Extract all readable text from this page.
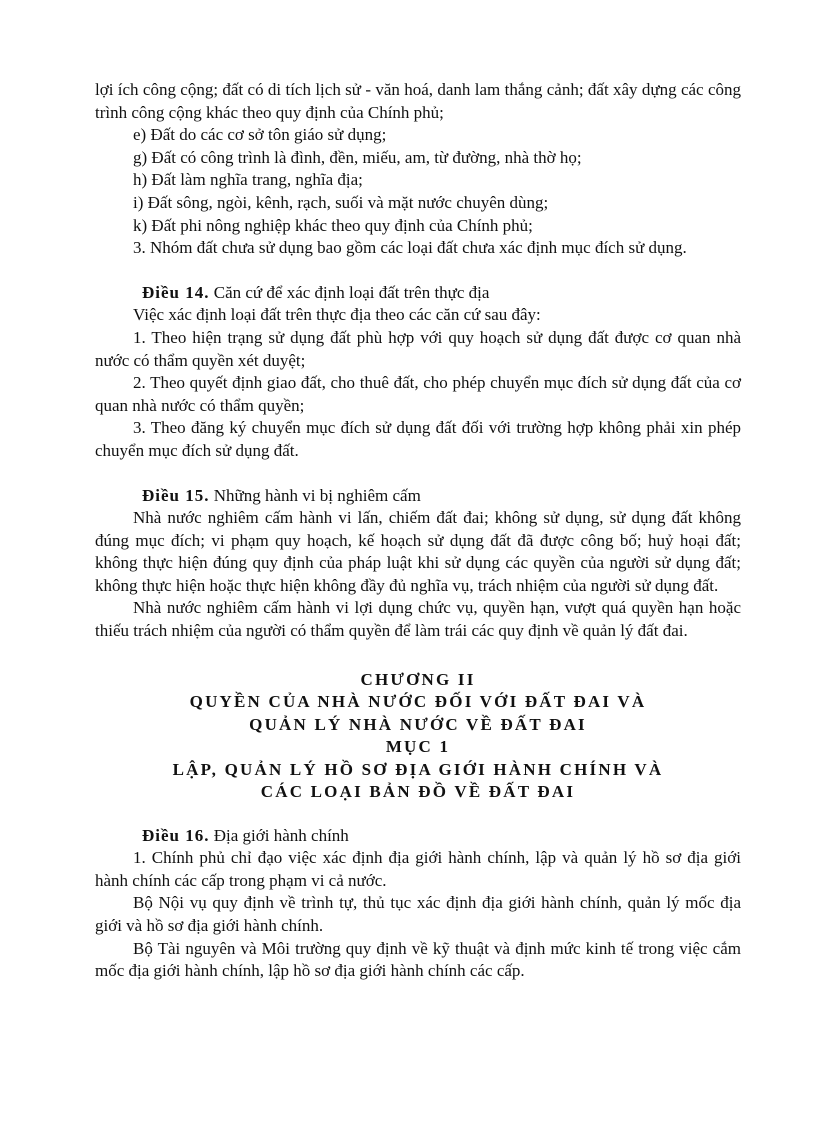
lợi ích công cộng; đất có di tích lịch sử - văn hoá, danh lam thắng cảnh; đất xây dựng các công trình công cộng khác theo quy định của Chính phủ;

e) Đất do các cơ sở tôn giáo sử dụng;

g) Đất có công trình là đình, đền, miếu, am, từ đường, nhà thờ họ;

h) Đất làm nghĩa trang, nghĩa địa;

i) Đất sông, ngòi, kênh, rạch, suối và mặt nước chuyên dùng;

k) Đất phi nông nghiệp khác theo quy định của Chính phủ;

3. Nhóm đất chưa sử dụng bao gồm các loại đất chưa xác định mục đích sử dụng.

Điều 14. Căn cứ để xác định loại đất trên thực địa

Việc xác định loại đất trên thực địa theo các căn cứ sau đây:

1. Theo hiện trạng sử dụng đất phù hợp với quy hoạch sử dụng đất được cơ quan nhà nước có thẩm quyền xét duyệt;

2. Theo quyết định giao đất, cho thuê đất, cho phép chuyển mục đích sử dụng đất của cơ quan nhà nước có thẩm quyền;

3. Theo đăng ký chuyển mục đích sử dụng đất đối với trường hợp không phải xin phép chuyển mục đích sử dụng đất.

Điều 15. Những hành vi bị nghiêm cấm

Nhà nước nghiêm cấm hành vi lấn, chiếm đất đai; không sử dụng, sử dụng đất không đúng mục đích; vi phạm quy hoạch, kế hoạch sử dụng đất đã được công bố; huỷ hoại đất; không thực hiện đúng quy định của pháp luật khi sử dụng các quyền của người sử dụng đất; không thực hiện hoặc thực hiện không đầy đủ nghĩa vụ, trách nhiệm của người sử dụng đất.

Nhà nước nghiêm cấm hành vi lợi dụng chức vụ, quyền hạn, vượt quá quyền hạn hoặc thiếu trách nhiệm của người có thẩm quyền để làm trái các quy định về quản lý đất đai.

CHƯƠNG II

QUYỀN CỦA NHÀ NƯỚC ĐỐI VỚI ĐẤT ĐAI VÀ

QUẢN LÝ NHÀ NƯỚC VỀ ĐẤT ĐAI

MỤC 1

LẬP, QUẢN LÝ HỒ SƠ ĐỊA GIỚI HÀNH CHÍNH VÀ

CÁC LOẠI BẢN ĐỒ VỀ ĐẤT ĐAI

Điều 16. Địa giới hành chính

1. Chính phủ chỉ đạo việc xác định địa giới hành chính, lập và quản lý hồ sơ địa giới hành chính các cấp trong phạm vi cả nước.

Bộ Nội vụ quy định về trình tự, thủ tục xác định địa giới hành chính, quản lý mốc địa giới và hồ sơ địa giới hành chính.

Bộ Tài nguyên và Môi trường quy định về kỹ thuật và định mức kinh tế trong việc cắm mốc địa giới hành chính, lập hồ sơ địa giới hành chính các cấp.
